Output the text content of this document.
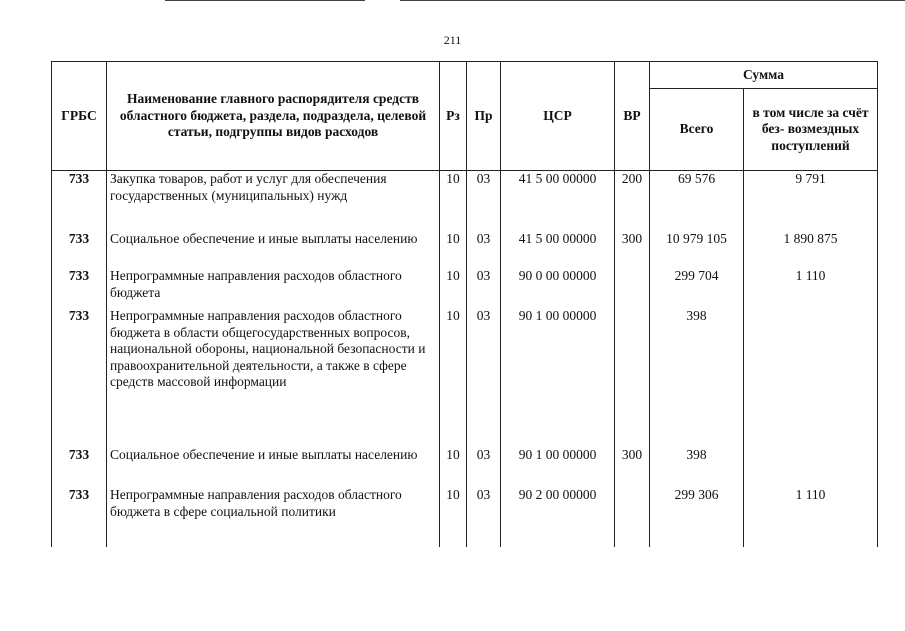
211
ГРБС	Наименование главного распорядителя средств областного бюджета, раздела, подраздела, целевой статьи, подгруппы видов расходов	Рз	Пр	ЦСР	ВР	Сумма	
						Всего	в том числе за счёт без- возмездных поступлений
733	Закупка товаров, работ и услуг для обеспечения государственных (муниципальных) нужд	10	03	41 5 00 00000	200	69 576	9 791
733	Социальное обеспечение и иные выплаты населению	10	03	41 5 00 00000	300	10 979 105	1 890 875
733	Непрограммные направления расходов областного бюджета	10	03	90 0 00 00000		299 704	1 110
733	Непрограммные направления расходов областного бюджета в области общегосударственных вопросов, национальной обороны, национальной безопасности и правоохранительной деятельности, а также в сфере средств массовой информации	10	03	90 1 00 00000		398	
733	Социальное обеспечение и иные выплаты населению	10	03	90 1 00 00000	300	398	
733	Непрограммные направления расходов областного бюджета в сфере социальной политики	10	03	90 2 00 00000		299 306	1 110
